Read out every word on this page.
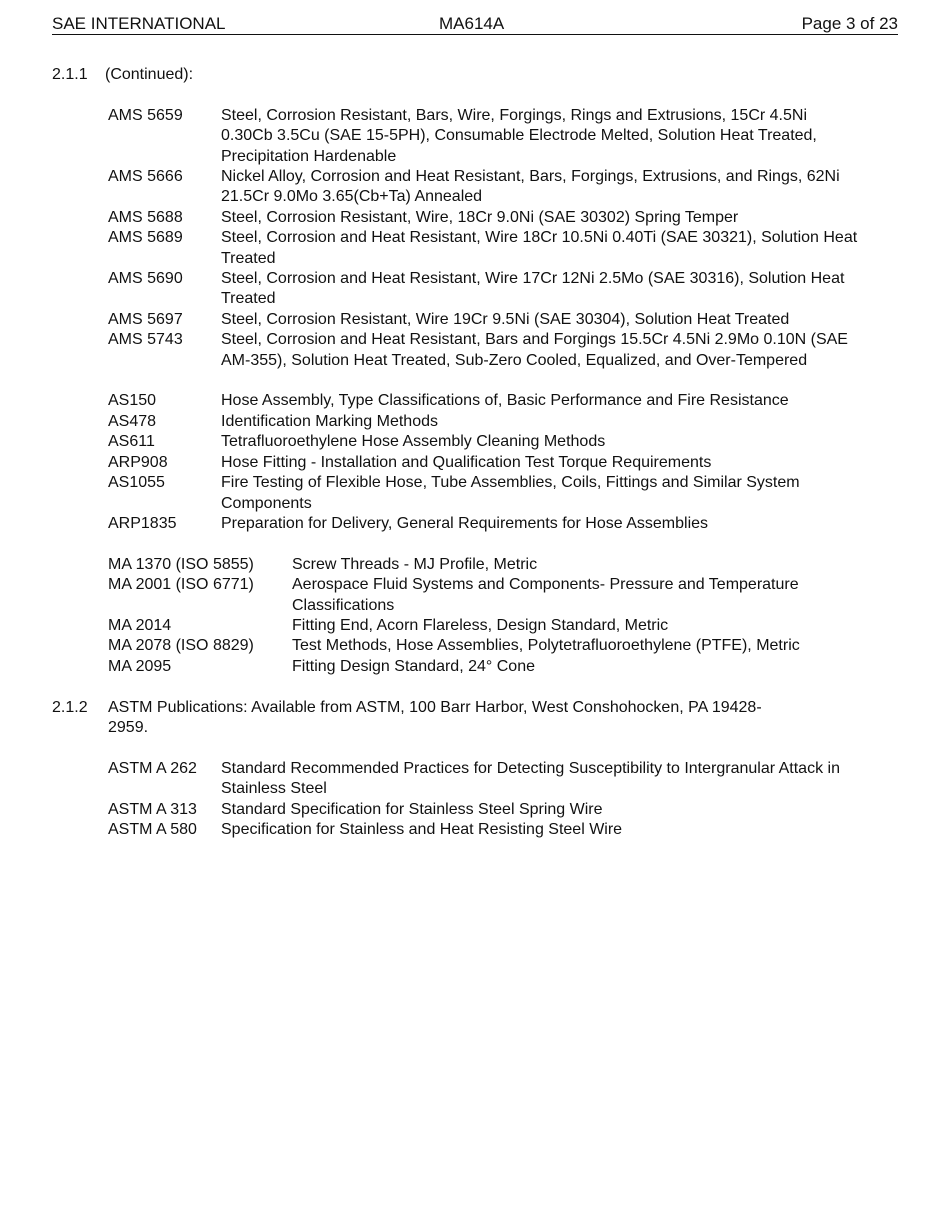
SAE INTERNATIONAL	MA614A	Page 3 of 23
2.1.1	(Continued):
AMS 5659	Steel, Corrosion Resistant, Bars, Wire, Forgings, Rings and Extrusions, 15Cr 4.5Ni 0.30Cb 3.5Cu (SAE 15-5PH), Consumable Electrode Melted, Solution Heat Treated, Precipitation Hardenable
AMS 5666	Nickel Alloy, Corrosion and Heat Resistant, Bars, Forgings, Extrusions, and Rings, 62Ni 21.5Cr 9.0Mo 3.65(Cb+Ta) Annealed
AMS 5688	Steel, Corrosion Resistant, Wire, 18Cr 9.0Ni (SAE 30302) Spring Temper
AMS 5689	Steel, Corrosion and Heat Resistant, Wire 18Cr 10.5Ni 0.40Ti (SAE 30321), Solution Heat Treated
AMS 5690	Steel, Corrosion and Heat Resistant, Wire 17Cr 12Ni 2.5Mo (SAE 30316), Solution Heat Treated
AMS 5697	Steel, Corrosion Resistant, Wire 19Cr 9.5Ni (SAE 30304), Solution Heat Treated
AMS 5743	Steel, Corrosion and Heat Resistant, Bars and Forgings 15.5Cr 4.5Ni 2.9Mo 0.10N (SAE AM-355), Solution Heat Treated, Sub-Zero Cooled, Equalized, and Over-Tempered
AS150	Hose Assembly, Type Classifications of, Basic Performance and Fire Resistance
AS478	Identification Marking Methods
AS611	Tetrafluoroethylene Hose Assembly Cleaning Methods
ARP908	Hose Fitting - Installation and Qualification Test Torque Requirements
AS1055	Fire Testing of Flexible Hose, Tube Assemblies, Coils, Fittings and Similar System Components
ARP1835	Preparation for Delivery, General Requirements for Hose Assemblies
MA 1370 (ISO 5855)	Screw Threads - MJ Profile, Metric
MA 2001 (ISO 6771)	Aerospace Fluid Systems and Components- Pressure and Temperature Classifications
MA 2014	Fitting End, Acorn Flareless, Design Standard, Metric
MA 2078 (ISO 8829)	Test Methods, Hose Assemblies, Polytetrafluoroethylene (PTFE), Metric
MA 2095	Fitting Design Standard, 24° Cone
2.1.2	ASTM Publications: Available from ASTM, 100 Barr Harbor, West Conshohocken, PA 19428-2959.
ASTM A 262	Standard Recommended Practices for Detecting Susceptibility to Intergranular Attack in Stainless Steel
ASTM A 313	Standard Specification for Stainless Steel Spring Wire
ASTM A 580	Specification for Stainless and Heat Resisting Steel Wire
